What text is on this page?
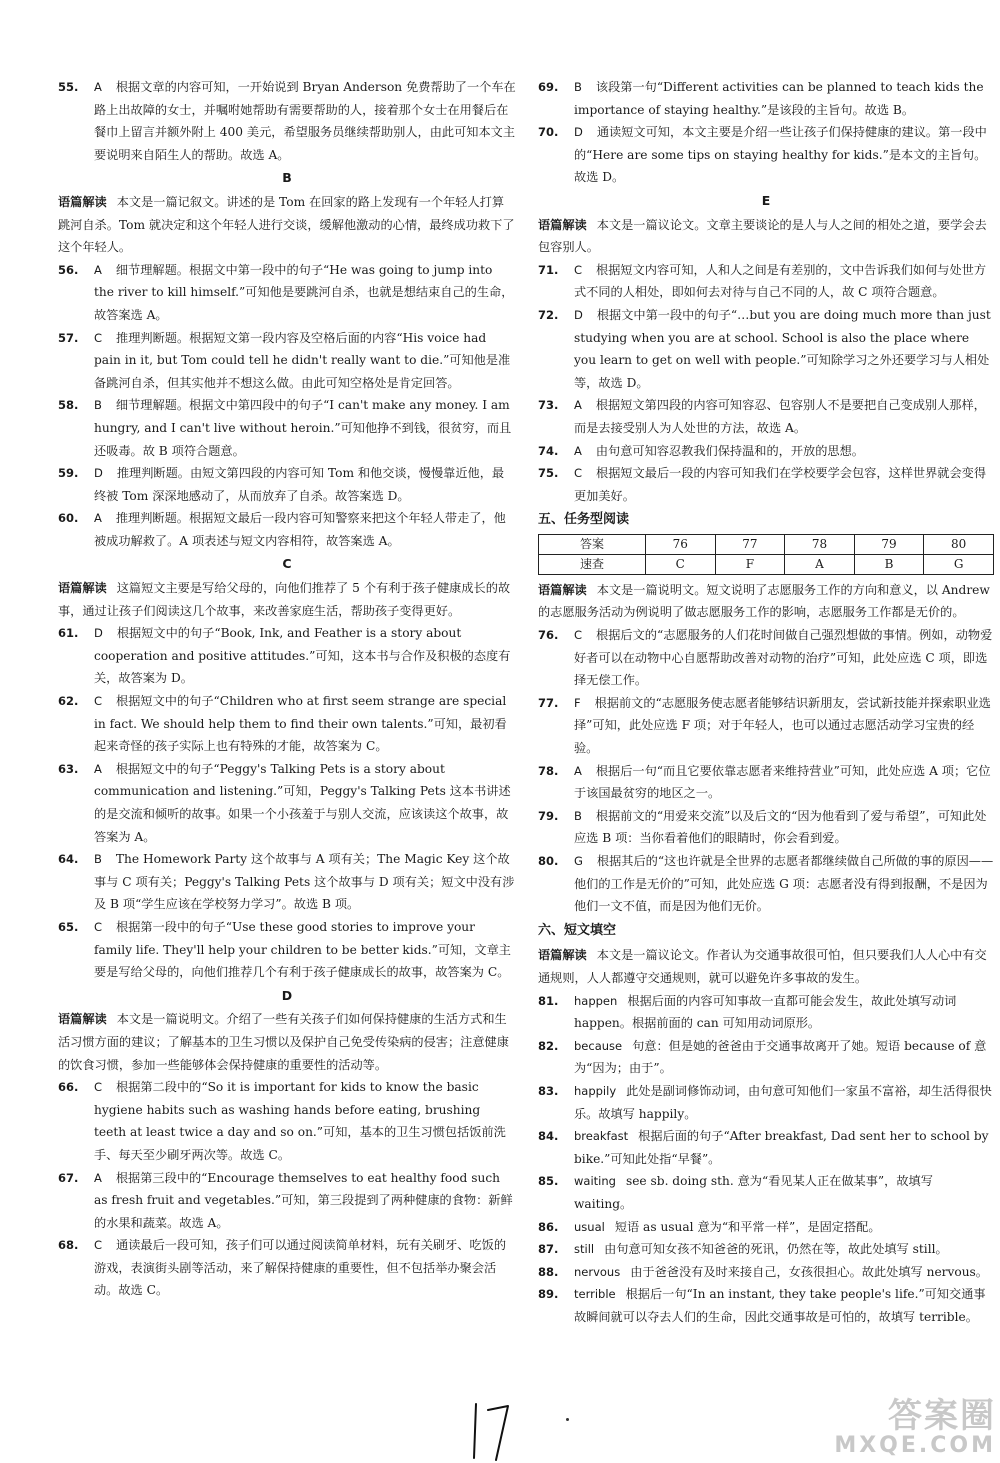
55. A 根据文章的内容可知，一开始说到 Bryan Anderson 免费帮助了一个车在路上出故障的女士，并嘱咐她帮助有需要帮助的人，接着那个女士在用餐后在餐巾上留言并额外附上 400 美元，希望服务员继续帮助别人，由此可知本文主要说明来自陌生人的帮助。故选 A。
B
语篇解读 本文是一篇记叙文。讲述的是 Tom 在回家的路上发现有一个年轻人打算跳河自杀。Tom 就决定和这个年轻人进行交谈，缓解他激动的心情，最终成功救下了这个年轻人。
56. A 细节理解题。根据文中第一段中的句子“He was going to jump into the river to kill himself.”可知他是要跳河自杀，也就是想结束自己的生命，故答案选 A。
57. C 推理判断题。根据短文第一段内容及空格后面的内容“His voice had pain in it, but Tom could tell he didn't really want to die.”可知他是准备跳河自杀，但其实他并不想这么做。由此可知空格处是肯定回答。
58. B 细节理解题。根据文中第四段中的句子“I can't make any money. I am hungry, and I can't live without heroin.”可知他挣不到钱，很贫穷，而且还吸毒。故 B 项符合题意。
59. D 推理判断题。由短文第四段的内容可知 Tom 和他交谈，慢慢靠近他，最终被 Tom 深深地感动了，从而放弃了自杀。故答案选 D。
60. A 推理判断题。根据短文最后一段内容可知警察来把这个年轻人带走了，他被成功解救了。A 项表述与短文内容相符，故答案选 A。
C
语篇解读 这篇短文主要是写给父母的，向他们推荐了 5 个有利于孩子健康成长的故事，通过让孩子们阅读这几个故事，来改善家庭生活，帮助孩子变得更好。
61. D 根据短文中的句子“Book, Ink, and Feather is a story about cooperation and positive attitudes.”可知，这本书与合作及积极的态度有关，故答案为 D。
62. C 根据短文中的句子“Children who at first seem strange are special in fact. We should help them to find their own talents.”可知，最初看起来奇怪的孩子实际上也有特殊的才能，故答案为 C。
63. A 根据短文中的句子“Peggy's Talking Pets is a story about communication and listening.”可知，Peggy's Talking Pets 这本书讲述的是交流和倾听的故事。如果一个小孩羞于与别人交流，应该读这个故事，故答案为 A。
64. B The Homework Party 这个故事与 A 项有关；The Magic Key 这个故事与 C 项有关；Peggy's Talking Pets 这个故事与 D 项有关；短文中没有涉及 B 项“学生应该在学校努力学习”。故选 B 项。
65. C 根据第一段中的句子“Use these good stories to improve your family life. They'll help your children to be better kids.”可知，文章主要是写给父母的，向他们推荐几个有利于孩子健康成长的故事，故答案为 C。
D
语篇解读 本文是一篇说明文。介绍了一些有关孩子们如何保持健康的生活方式和生活习惯方面的建议；了解基本的卫生习惯以及保护自己免受传染病的侵害；注意健康的饮食习惯，参加一些能够体会保持健康的重要性的活动等。
66. C 根据第二段中的“So it is important for kids to know the basic hygiene habits such as washing hands before eating, brushing teeth at least twice a day and so on.”可知，基本的卫生习惯包括饭前洗手、每天至少刷牙两次等。故选 C。
67. A 根据第三段中的“Encourage themselves to eat healthy food such as fresh fruit and vegetables.”可知，第三段提到了两种健康的食物：新鲜的水果和蔬菜。故选 A。
68. C 通读最后一段可知，孩子们可以通过阅读简单材料，玩有关刷牙、吃饭的游戏，表演街头剧等活动，来了解保持健康的重要性，但不包括举办聚会活动。故选 C。
69. B 该段第一句“Different activities can be planned to teach kids the importance of staying healthy.”是该段的主旨句。故选 B。
70. D 通读短文可知，本文主要是介绍一些让孩子们保持健康的建议。第一段中的“Here are some tips on staying healthy for kids.”是本文的主旨句。故选 D。
E
语篇解读 本文是一篇议论文。文章主要谈论的是人与人之间的相处之道，要学会去包容别人。
71. C 根据短文内容可知，人和人之间是有差别的，文中告诉我们如何与处世方式不同的人相处，即如何去对待与自己不同的人，故 C 项符合题意。
72. D 根据文中第一段中的句子“…but you are doing much more than just studying when you are at school. School is also the place where you learn to get on well with people.”可知除学习之外还要学习与人相处等，故选 D。
73. A 根据短文第四段的内容可知容忍、包容别人不是要把自己变成别人那样，而是去接受别人为人处世的方法，故选 A。
74. A 由句意可知容忍教我们保持温和的，开放的思想。
75. C 根据短文最后一段的内容可知我们在学校要学会包容，这样世界就会变得更加美好。
五、任务型阅读
答案	76	77	78	79	80
速查	C	F	A	B	G
语篇解读 本文是一篇说明文。短文说明了志愿服务工作的方向和意义，以 Andrew 的志愿服务活动为例说明了做志愿服务工作的影响，志愿服务工作都是无价的。
76. C 根据后文的“志愿服务的人们花时间做自己强烈想做的事情。例如，动物爱好者可以在动物中心自愿帮助改善对动物的治疗”可知，此处应选 C 项，即选择无偿工作。
77. F 根据前文的“志愿服务使志愿者能够结识新朋友，尝试新技能并探索职业选择”可知，此处应选 F 项；对于年轻人，也可以通过志愿活动学习宝贵的经验。
78. A 根据后一句“而且它要依靠志愿者来维持营业”可知，此处应选 A 项；它位于该国最贫穷的地区之一。
79. B 根据前文的“用爱来交流”以及后文的“因为他看到了爱与希望”，可知此处应选 B 项：当你看着他们的眼睛时，你会看到爱。
80. G 根据其后的“这也许就是全世界的志愿者都继续做自己所做的事的原因——他们的工作是无价的”可知，此处应选 G 项：志愿者没有得到报酬，不是因为他们一文不值，而是因为他们无价。
六、短文填空
语篇解读 本文是一篇议论文。作者认为交通事故很可怕，但只要我们人人心中有交通规则，人人都遵守交通规则，就可以避免许多事故的发生。
81. happen 根据后面的内容可知事故一直都可能会发生，故此处填写动词 happen。根据前面的 can 可知用动词原形。
82. because 句意：但是她的爸爸由于交通事故离开了她。短语 because of 意为“因为；由于”。
83. happily 此处是副词修饰动词，由句意可知他们一家虽不富裕，却生活得很快乐。故填写 happily。
84. breakfast 根据后面的句子“After breakfast, Dad sent her to school by bike.”可知此处指“早餐”。
85. waiting see sb. doing sth. 意为“看见某人正在做某事”，故填写 waiting。
86. usual 短语 as usual 意为“和平常一样”，是固定搭配。
87. still 由句意可知女孩不知爸爸的死讯，仍然在等，故此处填写 still。
88. nervous 由于爸爸没有及时来接自己，女孩很担心。故此处填写 nervous。
89. terrible 根据后一句“In an instant, they take people's life.”可知交通事故瞬间就可以夺去人们的生命，因此交通事故是可怕的，故填写 terrible。
答案圈
MXQE.COM
